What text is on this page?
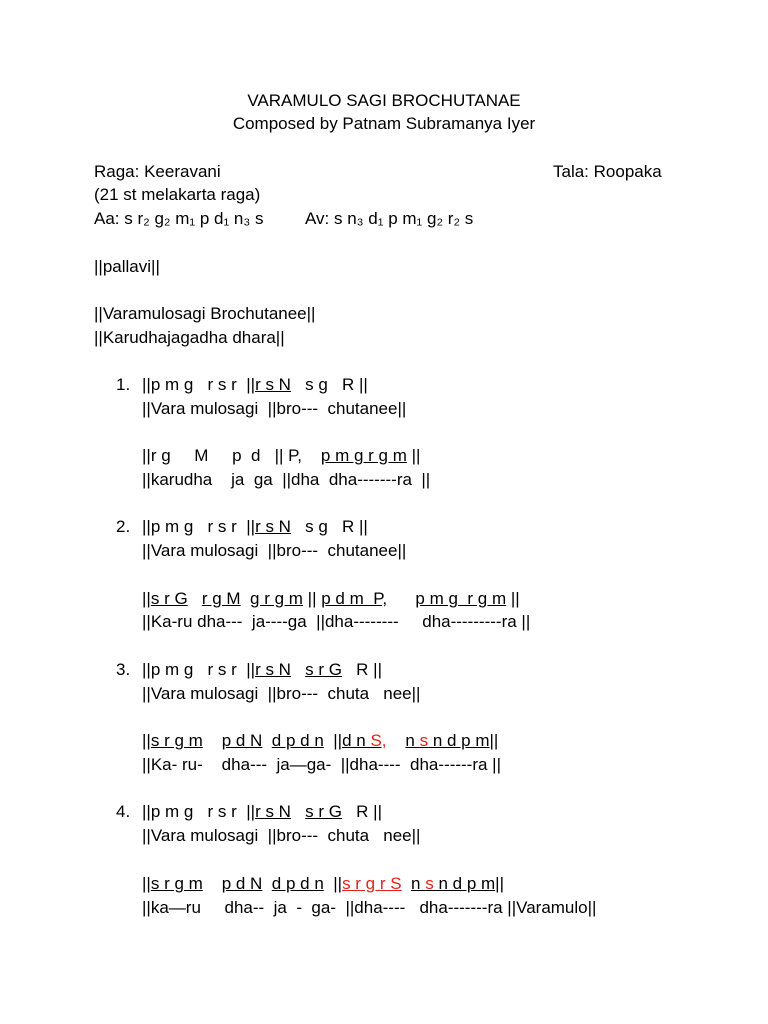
VARAMULO SAGI BROCHUTANAE
Composed by Patnam Subramanya Iyer
Raga: Keeravani	Tala: Roopaka
(21 st melakarta raga)
Aa: s r₂ g₂ m₁ p d₁ n₃ s Av: s n₃ d₁ p m₁ g₂ r₂ s
||pallavi||
||Varamulosagi Brochutanee||
||Karudhajagadha dhara||
1. ||p m g   r s r  ||r s N   s g   R ||
||Vara mulosagi  ||bro---  chutanee||
||r g     M     p  d   || P,    p m g r g m ||
||karudha    ja  ga  ||dha  dha-------ra  ||
2. ||p m g   r s r  ||r s N   s g   R ||
||Vara mulosagi  ||bro---  chutanee||
||s r G r g M g r g m || p d m  P, p m g  r g m ||
||Ka-ru dha---  ja----ga  ||dha--------     dha---------ra ||
3. ||p m g   r s r  ||r s N s r G   R ||
||Vara mulosagi  ||bro---  chuta   nee||
||s r g m p d N d p d n  ||d n S, n s n d p m||
||Ka- ru-    dha---  ja—ga-  ||dha----  dha------ra ||
4. ||p m g   r s r  ||r s N s r G   R ||
||Vara mulosagi  ||bro---  chuta   nee||
||s r g m p d N d p d n  ||s r g r S n s n d p m||
||ka—ru     dha--  ja  -  ga-  ||dha----   dha-------ra ||Varamulo||
